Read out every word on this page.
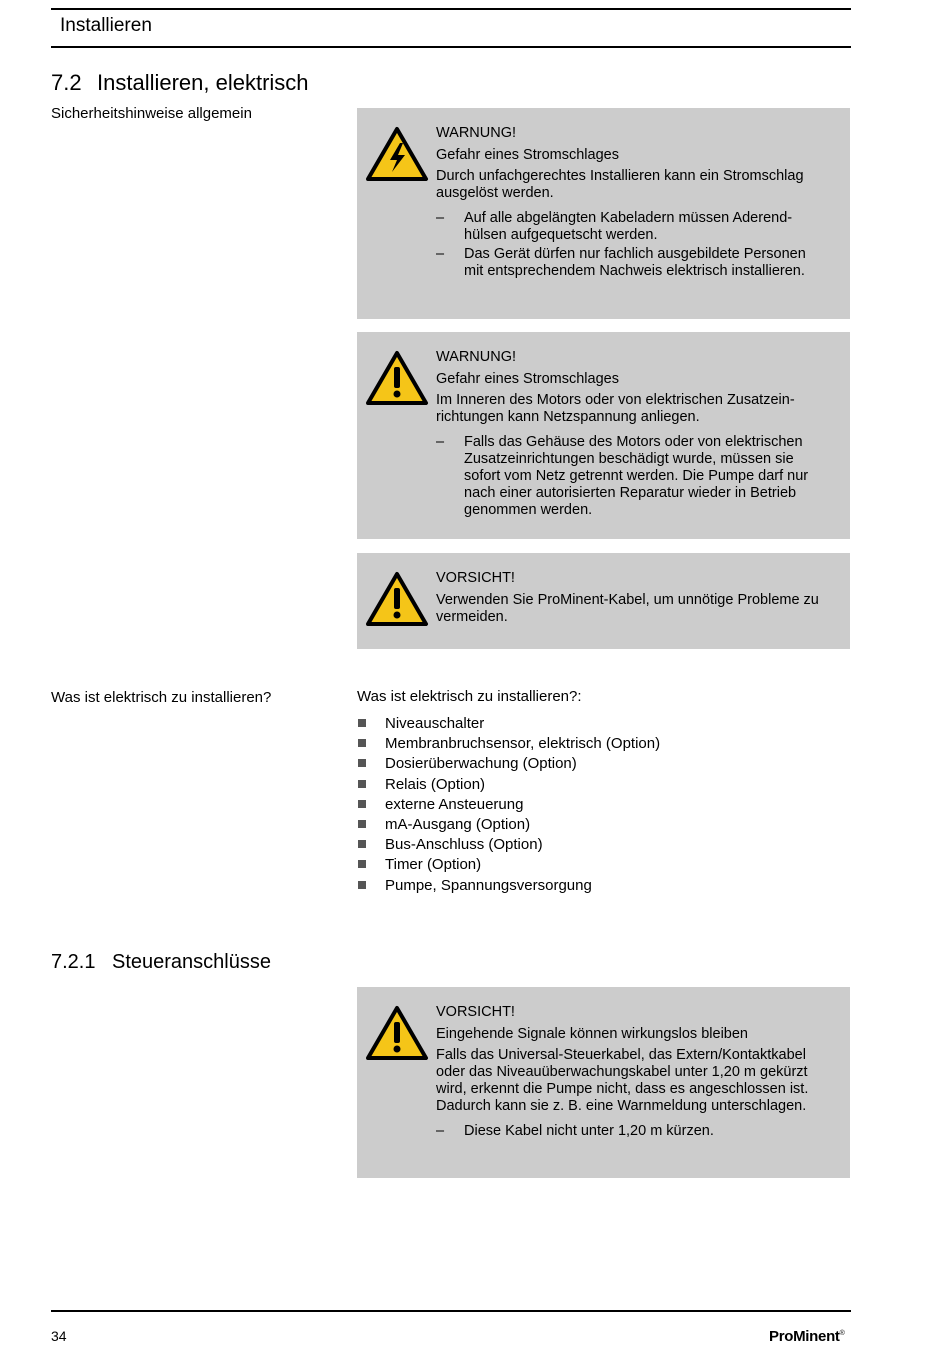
Installieren
7.2 Installieren, elektrisch
Sicherheitshinweise allgemein
WARNUNG!
Gefahr eines Stromschlages
Durch unfachgerechtes Installieren kann ein Stromschlag ausgelöst werden.
– Auf alle abgelängten Kabeladern müssen Aderendhülsen aufgequetscht werden.
– Das Gerät dürfen nur fachlich ausgebildete Personen mit entsprechendem Nachweis elektrisch installieren.
WARNUNG!
Gefahr eines Stromschlages
Im Inneren des Motors oder von elektrischen Zusatzeinrichtungen kann Netzspannung anliegen.
– Falls das Gehäuse des Motors oder von elektrischen Zusatzeinrichtungen beschädigt wurde, müssen sie sofort vom Netz getrennt werden. Die Pumpe darf nur nach einer autorisierten Reparatur wieder in Betrieb genommen werden.
VORSICHT!
Verwenden Sie ProMinent-Kabel, um unnötige Probleme zu vermeiden.
Was ist elektrisch zu installieren?	Was ist elektrisch zu installieren?:
Niveauschalter
Membranbruchsensor, elektrisch (Option)
Dosierüberwachung (Option)
Relais (Option)
externe Ansteuerung
mA-Ausgang (Option)
Bus-Anschluss (Option)
Timer (Option)
Pumpe, Spannungsversorgung
7.2.1 Steueranschlüsse
VORSICHT!
Eingehende Signale können wirkungslos bleiben
Falls das Universal-Steuerkabel, das Extern/Kontaktkabel oder das Niveauüberwachungskabel unter 1,20 m gekürzt wird, erkennt die Pumpe nicht, dass es angeschlossen ist. Dadurch kann sie z. B. eine Warnmeldung unterschlagen.
– Diese Kabel nicht unter 1,20 m kürzen.
34	ProMinent®
